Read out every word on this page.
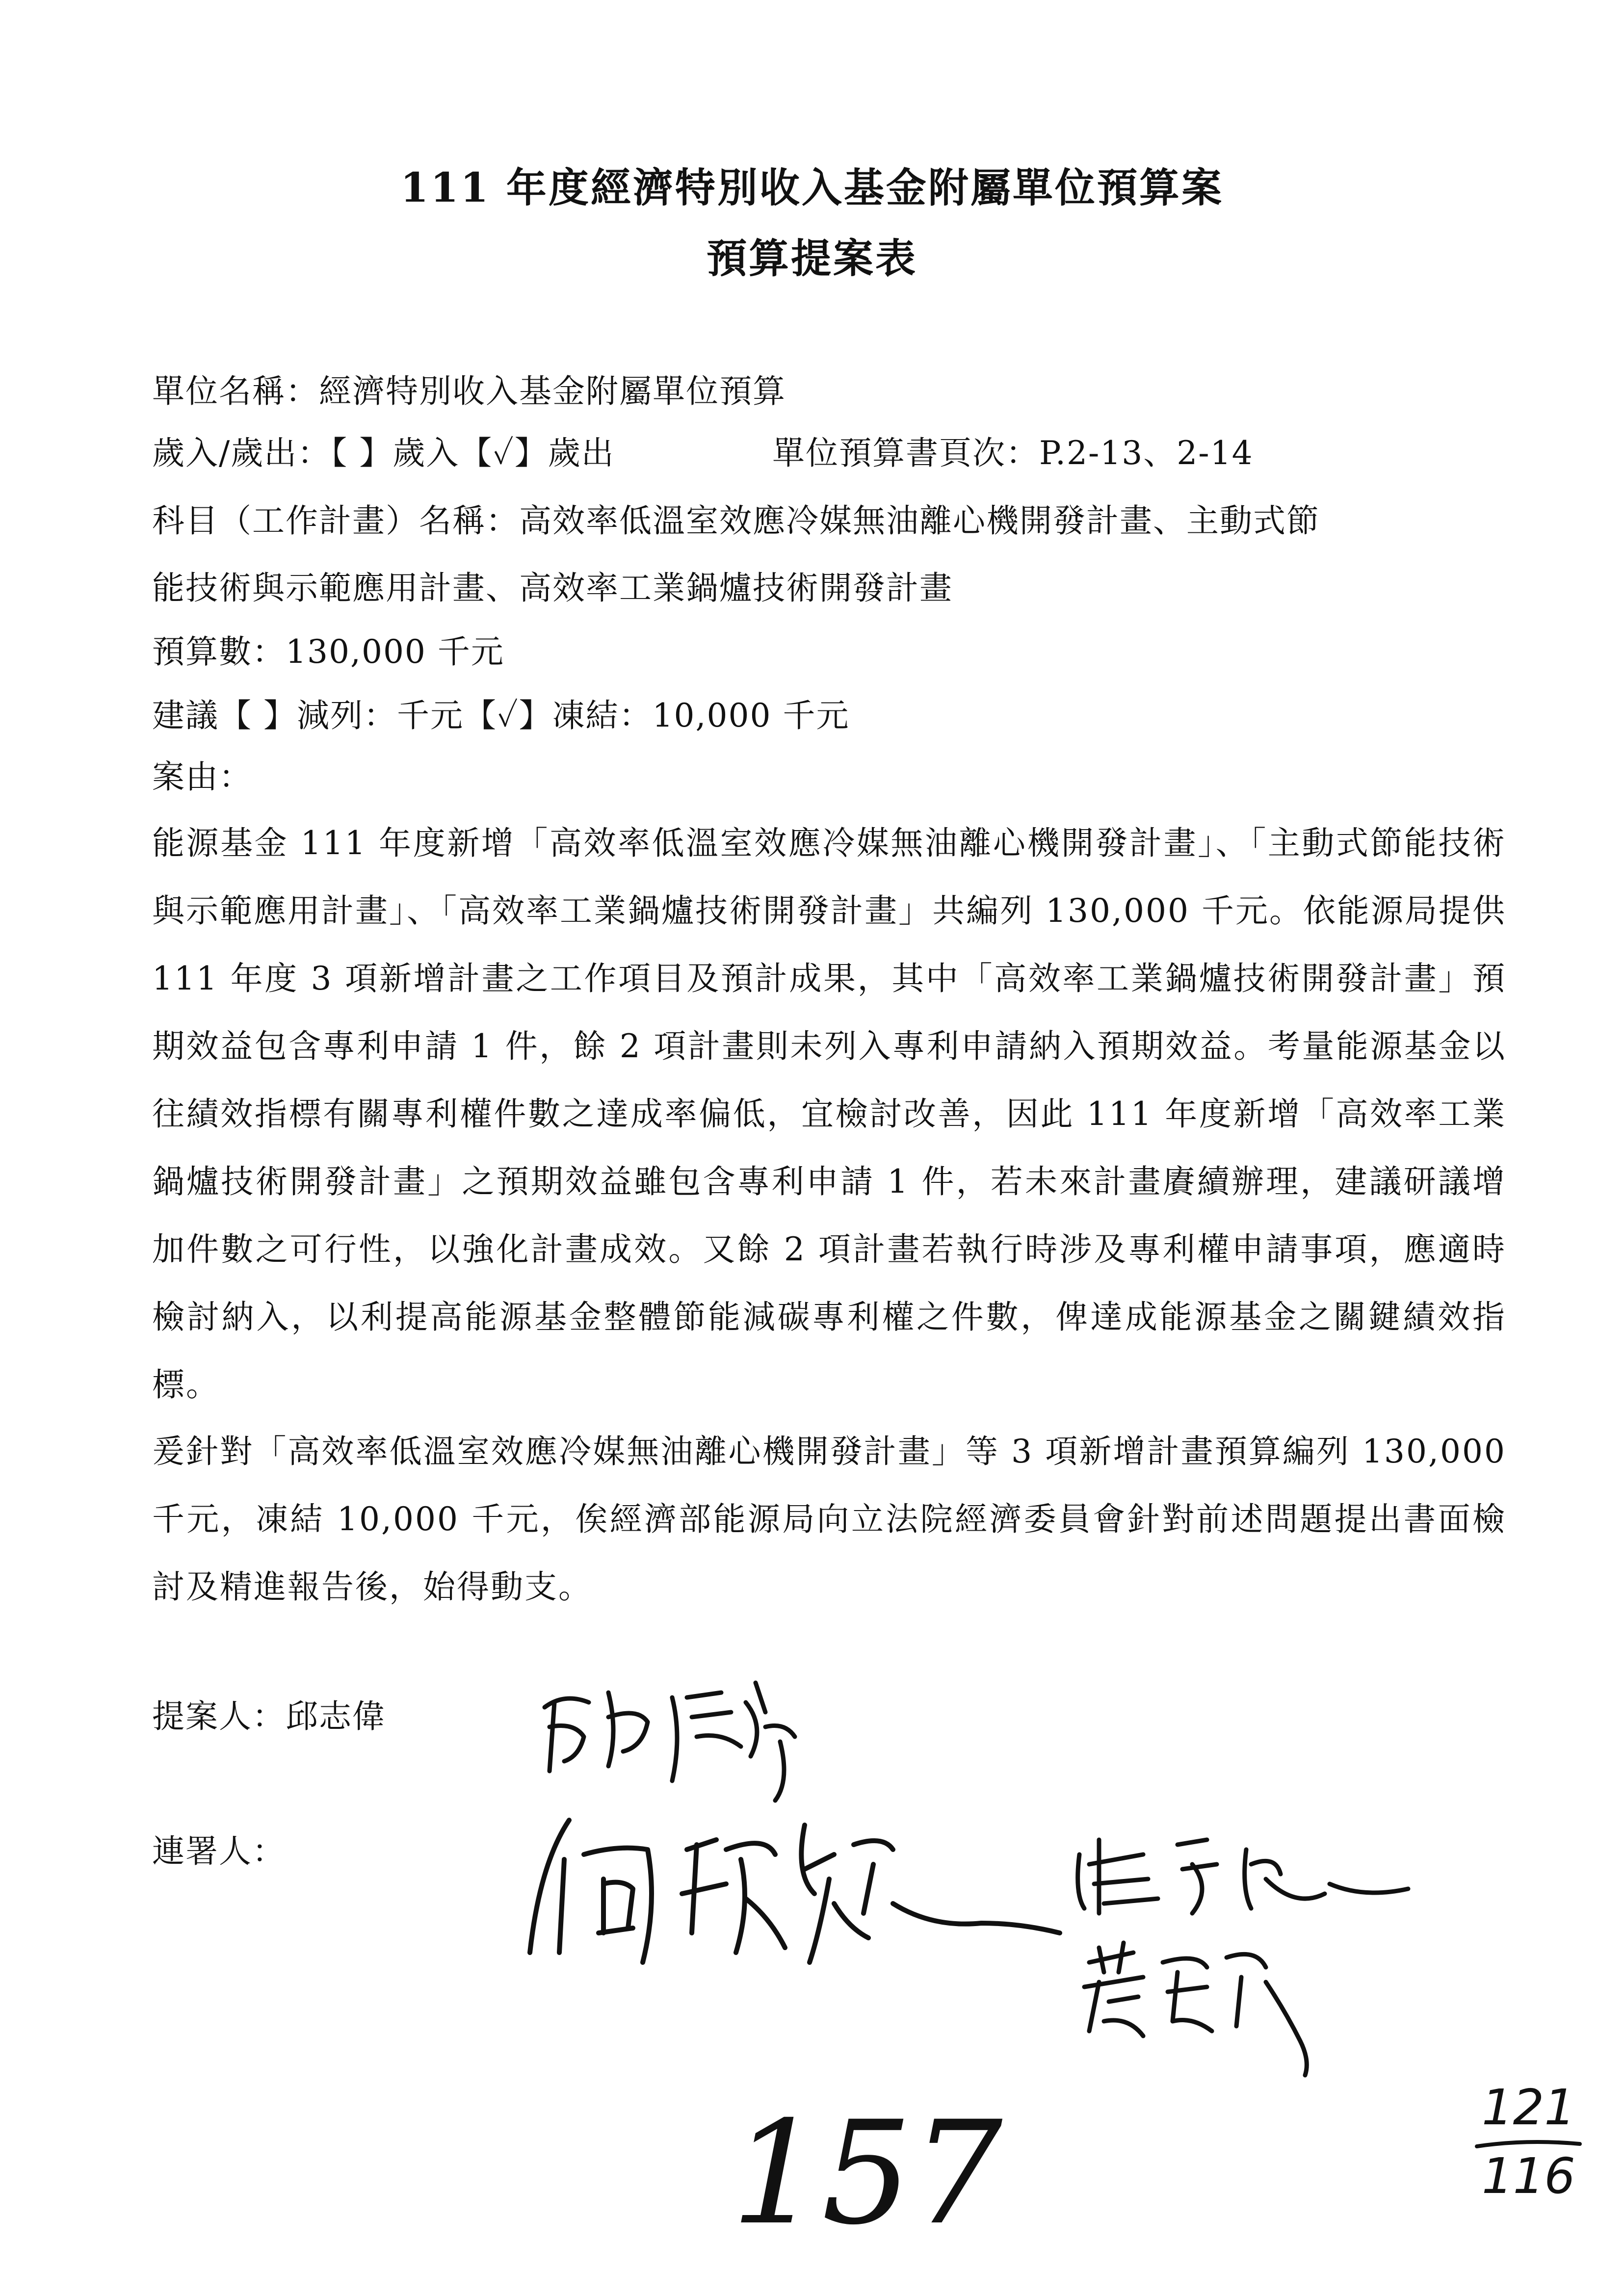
111 年度經濟特別收入基金附屬單位預算案
預算提案表
單位名稱：經濟特別收入基金附屬單位預算
歲入/歲出：【 】歲入【✓】歲出	單位預算書頁次：P.2-13、2-14
科目（工作計畫）名稱：高效率低溫室效應冷媒無油離心機開發計畫、主動式節
能技術與示範應用計畫、高效率工業鍋爐技術開發計畫
預算數：130,000 千元
建議【 】減列：千元【✓】凍結：10,000 千元
案由：
能源基金 111 年度新增「高效率低溫室效應冷媒無油離心機開發計畫」、「主動式節能技術與示範應用計畫」、「高效率工業鍋爐技術開發計畫」共編列 130,000 千元。依能源局提供 111 年度 3 項新增計畫之工作項目及預計成果，其中「高效率工業鍋爐技術開發計畫」預期效益包含專利申請 1 件，餘 2 項計畫則未列入專利申請納入預期效益。考量能源基金以往績效指標有關專利權件數之達成率偏低，宜檢討改善，因此 111 年度新增「高效率工業鍋爐技術開發計畫」之預期效益雖包含專利申請 1 件，若未來計畫賡續辦理，建議研議增加件數之可行性，以強化計畫成效。又餘 2 項計畫若執行時涉及專利權申請事項，應適時檢討納入，以利提高能源基金整體節能減碳專利權之件數，俾達成能源基金之關鍵績效指標。
爰針對「高效率低溫室效應冷媒無油離心機開發計畫」等 3 項新增計畫預算編列 130,000 千元，凍結 10,000 千元，俟經濟部能源局向立法院經濟委員會針對前述問題提出書面檢討及精進報告後，始得動支。
提案人：邱志偉
連署人：
157	121
116
